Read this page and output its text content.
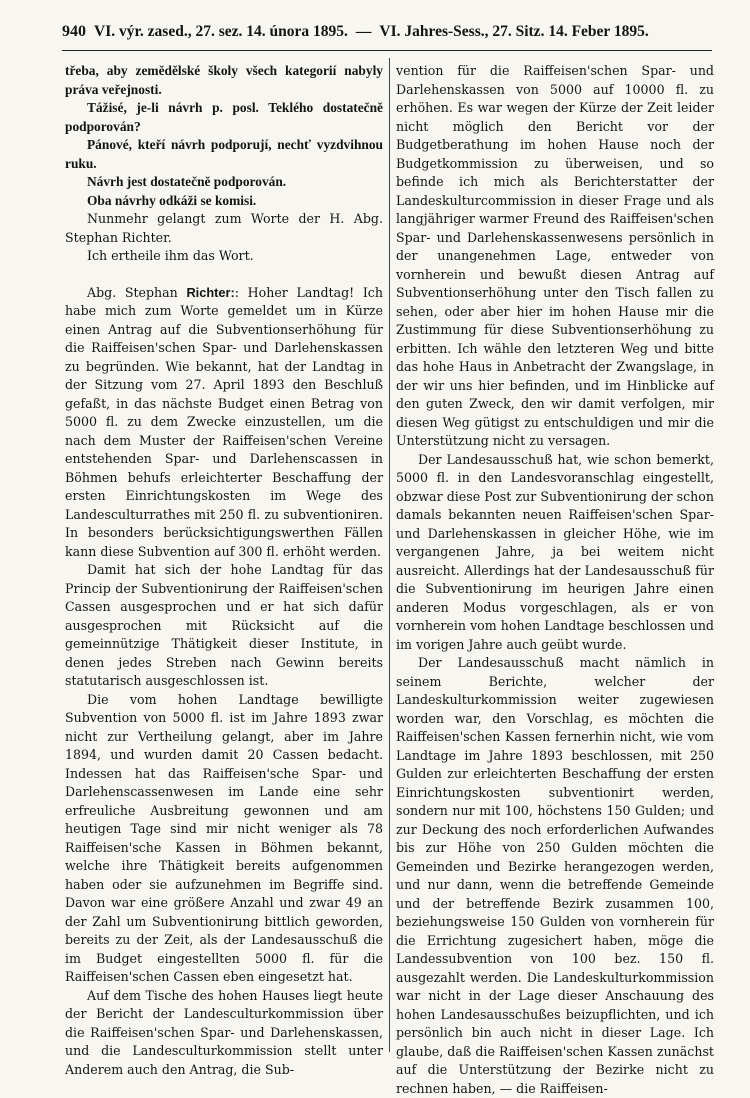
940 VI. výr. zased., 27. sez. 14. února 1895. — VI. Jahres-Sess., 27. Sitz. 14. Feber 1895.

třeba, aby zemědělské školy všech kategorií nabyly práva veřejnosti.

Tážisé, je-li návrh p. posl. Teklého dostatečně podporován?

Pánové, kteří návrh podporují, nechť vyzdvihnou ruku.

Návrh jest dostatečně podporován.

Oba návrhy odkáži se komisi.

Nunmehr gelangt zum Worte der H. Abg. Stephan Richter.

Ich ertheile ihm das Wort.

Abg. Stephan Richter:: Hoher Landtag! Ich habe mich zum Worte gemeldet um in Kürze einen Antrag auf die Subventionserhöhung für die Raiffeisen'schen Spar- und Darlehenskassen zu begründen. Wie bekannt, hat der Landtag in der Sitzung vom 27. April 1893 den Beschluß gefaßt, in das nächste Budget einen Betrag von 5000 fl. zu dem Zwecke einzustellen, um die nach dem Muster der Raiffeisen'schen Vereine entstehenden Spar- und Darlehenscassen in Böhmen behufs erleichterter Beschaffung der ersten Einrichtungskosten im Wege des Landesculturrathes mit 250 fl. zu subventioniren. In besonders berücksichtigungswerthen Fällen kann diese Subvention auf 300 fl. erhöht werden.

Damit hat sich der hohe Landtag für das Princip der Subventionirung der Raiffeisen'schen Cassen ausgesprochen und er hat sich dafür ausgesprochen mit Rücksicht auf die gemeinnützige Thätigkeit dieser Institute, in denen jedes Streben nach Gewinn bereits statutarisch ausgeschlossen ist.

Die vom hohen Landtage bewilligte Subvention von 5000 fl. ist im Jahre 1893 zwar nicht zur Vertheilung gelangt, aber im Jahre 1894, und wurden damit 20 Cassen bedacht. Indessen hat das Raiffeisen'sche Spar- und Darlehenscassenwesen im Lande eine sehr erfreuliche Ausbreitung gewonnen und am heutigen Tage sind mir nicht weniger als 78 Raiffeisen'sche Kassen in Böhmen bekannt, welche ihre Thätigkeit bereits aufgenommen haben oder sie aufzunehmen im Begriffe sind. Davon war eine größere Anzahl und zwar 49 an der Zahl um Subventionirung bittlich geworden, bereits zu der Zeit, als der Landesausschuß die im Budget eingestellten 5000 fl. für die Raiffeisen'schen Cassen eben eingesetzt hat.

Auf dem Tische des hohen Hauses liegt heute der Bericht der Landesculturkommission über die Raiffeisen'schen Spar- und Darlehenskassen, und die Landesculturkommission stellt unter Anderem auch den Antrag, die Sub-

vention für die Raiffeisen'schen Spar- und Darlehenskassen von 5000 auf 10000 fl. zu erhöhen. Es war wegen der Kürze der Zeit leider nicht möglich den Bericht vor der Budgetberathung im hohen Hause noch der Budgetkommission zu überweisen, und so befinde ich mich als Berichterstatter der Landeskulturcommission in dieser Frage und als langjähriger warmer Freund des Raiffeisen'schen Spar- und Darlehenskassenwesens persönlich in der unangenehmen Lage, entweder von vornherein und bewußt diesen Antrag auf Subventionserhöhung unter den Tisch fallen zu sehen, oder aber hier im hohen Hause mir die Zustimmung für diese Subventionserhöhung zu erbitten. Ich wähle den letzteren Weg und bitte das hohe Haus in Anbetracht der Zwangslage, in der wir uns hier befinden, und im Hinblicke auf den guten Zweck, den wir damit verfolgen, mir diesen Weg gütigst zu entschuldigen und mir die Unterstützung nicht zu versagen.

Der Landesausschuß hat, wie schon bemerkt, 5000 fl. in den Landesvoranschlag eingestellt, obzwar diese Post zur Subventionirung der schon damals bekannten neuen Raiffeisen'schen Spar- und Darlehenskassen in gleicher Höhe, wie im vergangenen Jahre, ja bei weitem nicht ausreicht. Allerdings hat der Landesausschuß für die Subventionirung im heurigen Jahre einen anderen Modus vorgeschlagen, als er von vornherein vom hohen Landtage beschlossen und im vorigen Jahre auch geübt wurde.

Der Landesausschuß macht nämlich in seinem Berichte, welcher der Landeskulturkommission weiter zugewiesen worden war, den Vorschlag, es möchten die Raiffeisen'schen Kassen fernerhin nicht, wie vom Landtage im Jahre 1893 beschlossen, mit 250 Gulden zur erleichterten Beschaffung der ersten Einrichtungskosten subventionirt werden, sondern nur mit 100, höchstens 150 Gulden; und zur Deckung des noch erforderlichen Aufwandes bis zur Höhe von 250 Gulden möchten die Gemeinden und Bezirke herangezogen werden, und nur dann, wenn die betreffende Gemeinde und der betreffende Bezirk zusammen 100, beziehungsweise 150 Gulden von vornherein für die Errichtung zugesichert haben, möge die Landessubvention von 100 bez. 150 fl. ausgezahlt werden. Die Landeskulturkommission war nicht in der Lage dieser Anschauung des hohen Landesausschußes beizupflichten, und ich persönlich bin auch nicht in dieser Lage. Ich glaube, daß die Raiffeisen'schen Kassen zunächst auf die Unterstützung der Bezirke nicht zu rechnen haben, — die Raiffeisen-
